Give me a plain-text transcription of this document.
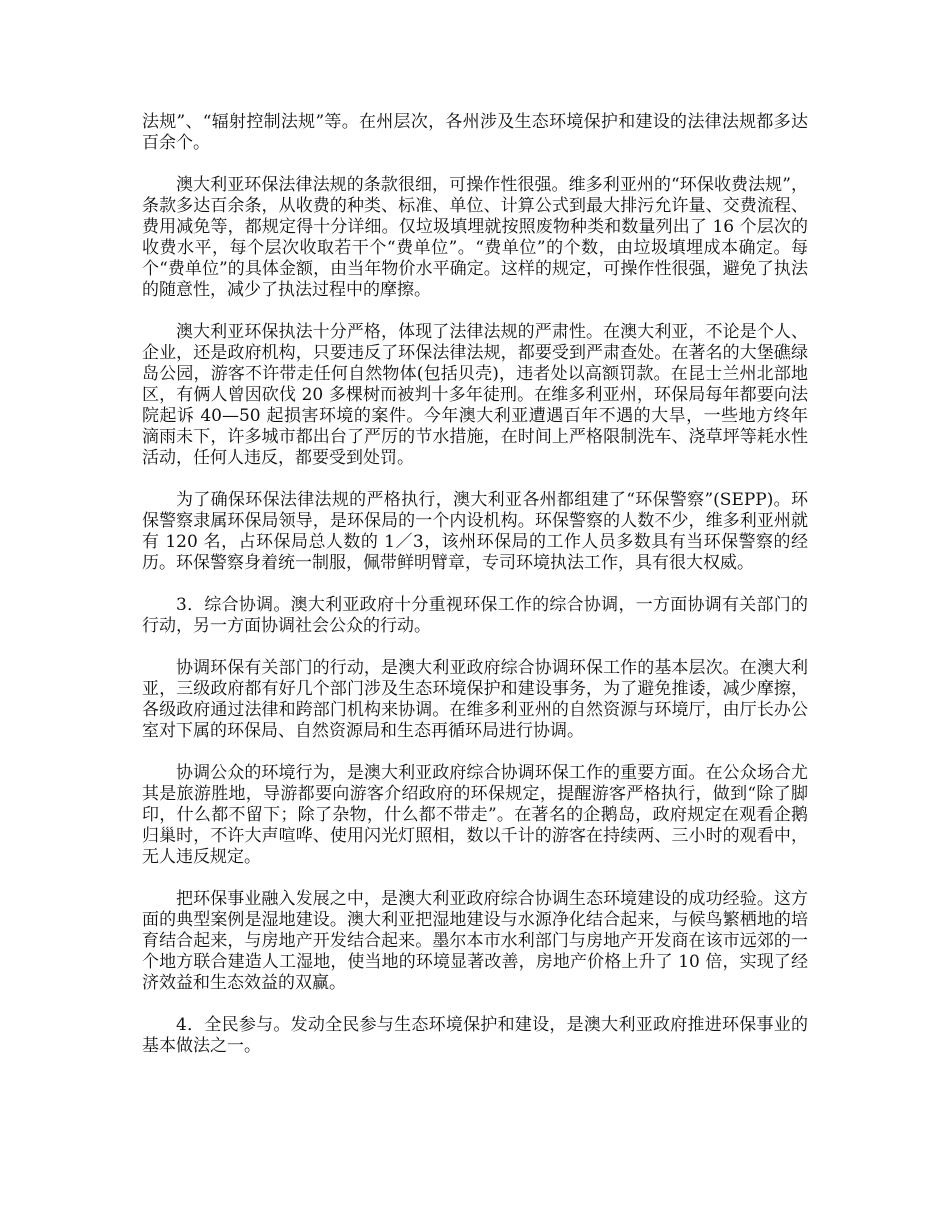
法规”、“辐射控制法规”等。在州层次，各州涉及生态环境保护和建设的法律法规都多达百余个。

澳大利亚环保法律法规的条款很细，可操作性很强。维多利亚州的“环保收费法规”，条款多达百余条，从收费的种类、标准、单位、计算公式到最大排污允许量、交费流程、费用减免等，都规定得十分详细。仅垃圾填埋就按照废物种类和数量列出了 16 个层次的收费水平，每个层次收取若干个“费单位”。“费单位”的个数，由垃圾填埋成本确定。每个“费单位”的具体金额，由当年物价水平确定。这样的规定，可操作性很强，避免了执法的随意性，减少了执法过程中的摩擦。

澳大利亚环保执法十分严格，体现了法律法规的严肃性。在澳大利亚，不论是个人、企业，还是政府机构，只要违反了环保法律法规，都要受到严肃查处。在著名的大堡礁绿岛公园，游客不许带走任何自然物体(包括贝壳)，违者处以高额罚款。在昆士兰州北部地区，有俩人曾因砍伐 20 多棵树而被判十多年徒刑。在维多利亚州，环保局每年都要向法院起诉 40—50 起损害环境的案件。今年澳大利亚遭遇百年不遇的大旱，一些地方终年滴雨未下，许多城市都出台了严厉的节水措施，在时间上严格限制洗车、浇草坪等耗水性活动，任何人违反，都要受到处罚。

为了确保环保法律法规的严格执行，澳大利亚各州都组建了“环保警察”(SEPP)。环保警察隶属环保局领导，是环保局的一个内设机构。环保警察的人数不少，维多利亚州就有 120 名，占环保局总人数的 1／3，该州环保局的工作人员多数具有当环保警察的经历。环保警察身着统一制服，佩带鲜明臂章，专司环境执法工作，具有很大权威。

3．综合协调。澳大利亚政府十分重视环保工作的综合协调，一方面协调有关部门的行动，另一方面协调社会公众的行动。

协调环保有关部门的行动，是澳大利亚政府综合协调环保工作的基本层次。在澳大利亚，三级政府都有好几个部门涉及生态环境保护和建设事务，为了避免推诿，减少摩擦，各级政府通过法律和跨部门机构来协调。在维多利亚州的自然资源与环境厅，由厅长办公室对下属的环保局、自然资源局和生态再循环局进行协调。

协调公众的环境行为，是澳大利亚政府综合协调环保工作的重要方面。在公众场合尤其是旅游胜地，导游都要向游客介绍政府的环保规定，提醒游客严格执行，做到“除了脚印，什么都不留下；除了杂物，什么都不带走”。在著名的企鹅岛，政府规定在观看企鹅归巢时，不许大声喧哗、使用闪光灯照相，数以千计的游客在持续两、三小时的观看中，无人违反规定。

把环保事业融入发展之中，是澳大利亚政府综合协调生态环境建设的成功经验。这方面的典型案例是湿地建设。澳大利亚把湿地建设与水源净化结合起来，与候鸟繁栖地的培育结合起来，与房地产开发结合起来。墨尔本市水利部门与房地产开发商在该市远郊的一个地方联合建造人工湿地，使当地的环境显著改善，房地产价格上升了 10 倍，实现了经济效益和生态效益的双赢。

4．全民参与。发动全民参与生态环境保护和建设，是澳大利亚政府推进环保事业的基本做法之一。
